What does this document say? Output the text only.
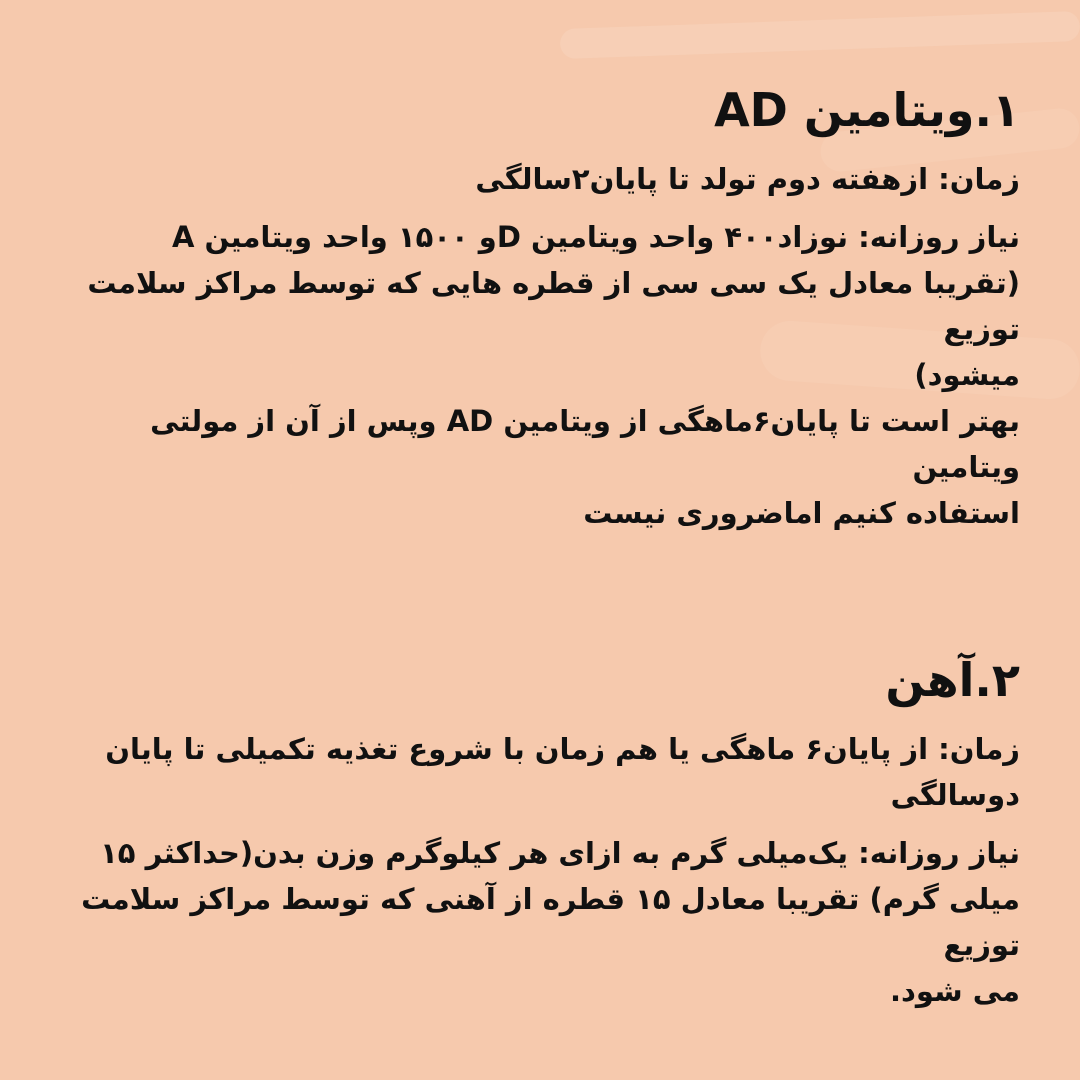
۱.ویتامین AD
زمان: ازهفته دوم تولد تا پایان۲سالگی
نیاز روزانه: نوزاد۴۰۰ واحد ویتامین Dو ۱۵۰۰ واحد ویتامین A
(تقریبا معادل یک سی سی از قطره هایی که توسط مراکز سلامت توزیع
میشود)
بهتر است تا پایان۶ماهگی از ویتامین AD وپس از آن از مولتی ویتامین
استفاده کنیم اماضروری نیست
۲.آهن
زمان: از پایان۶ ماهگی یا هم زمان با شروع تغذیه تکمیلی تا پایان
دوسالگی
نیاز روزانه: یک‌میلی گرم به ازای هر کیلوگرم وزن بدن(حداکثر ۱۵
میلی گرم) تقریبا معادل ۱۵ قطره از آهنی که توسط مراکز سلامت توزیع
می شود.
